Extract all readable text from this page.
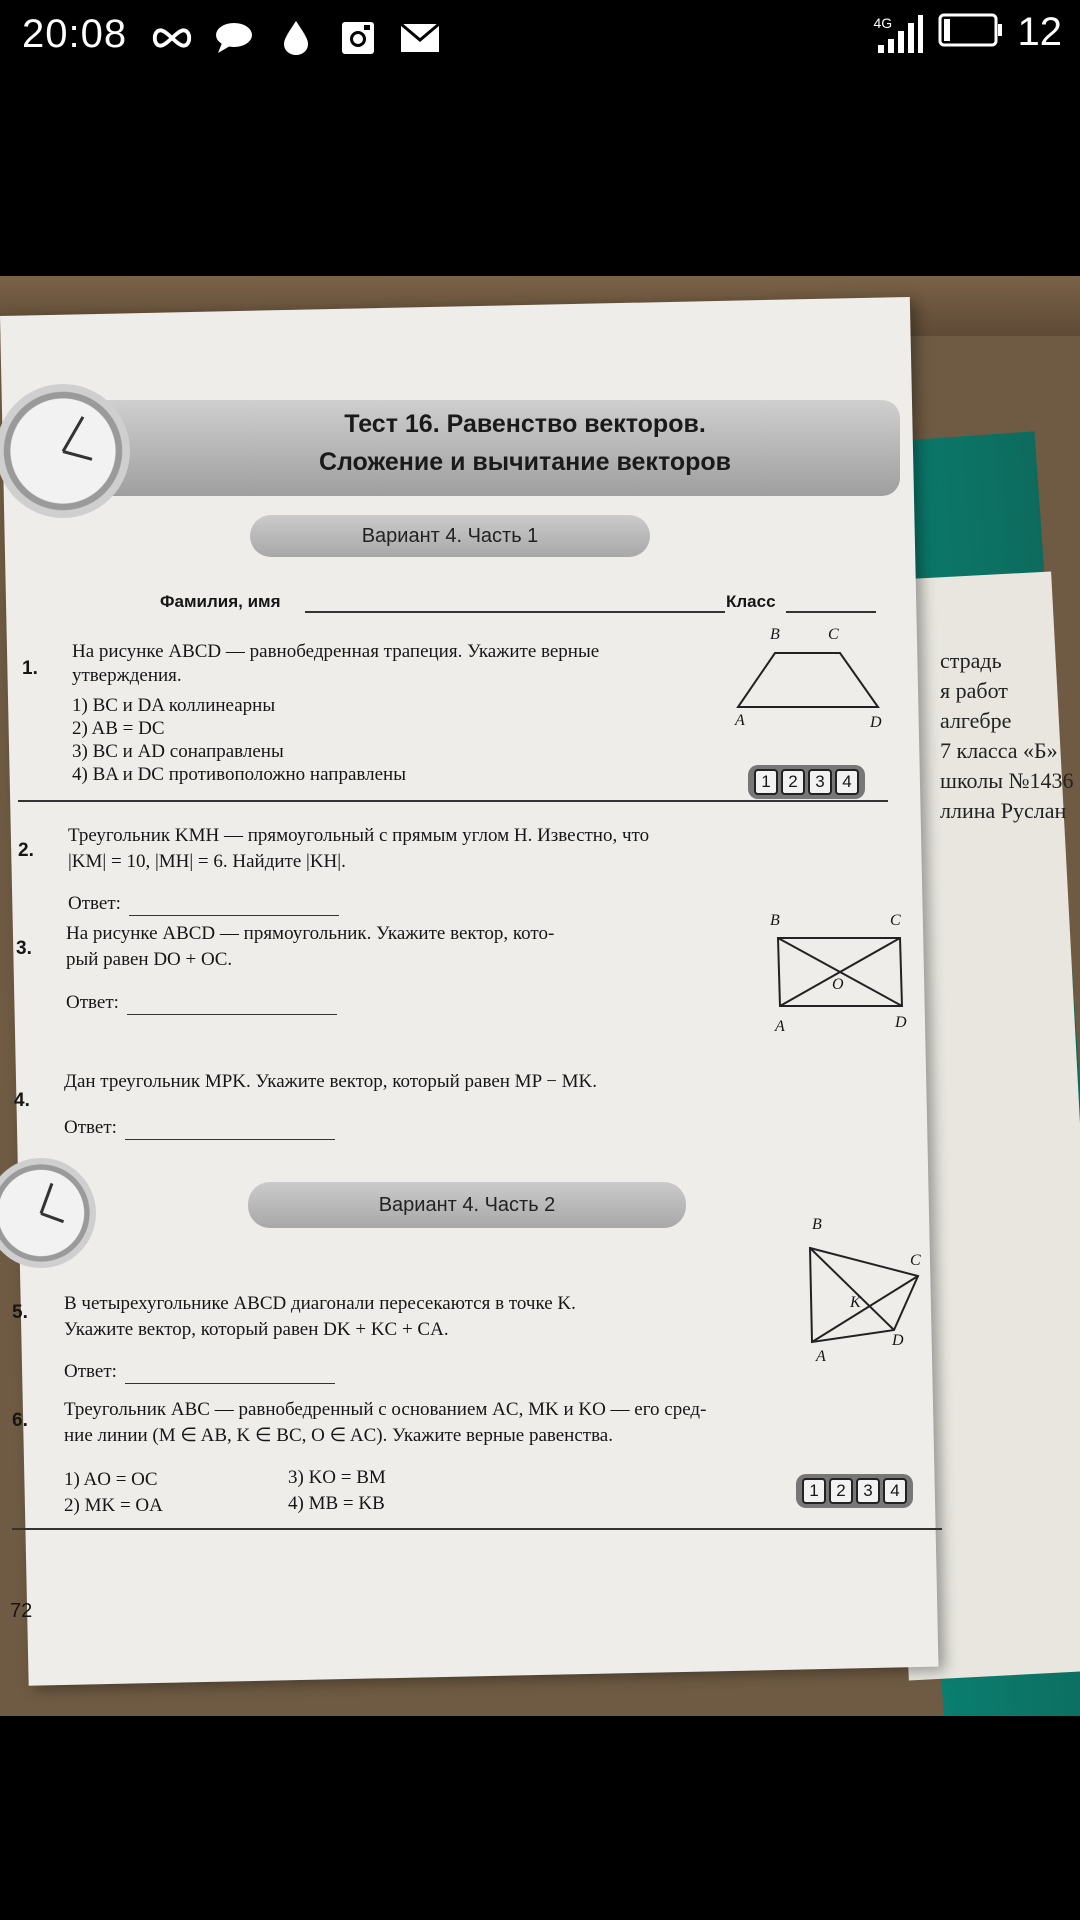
20:08	4G	12
страдь
я работ
алгебре
7 класса «Б»
школы №1436
ллина Руслан
Тест 16. Равенство векторов.
Сложение и вычитание векторов
Вариант 4. Часть 1
Фамилия, имя	Класс
1.
На рисунке ABCD — равнобедренная трапеция. Укажите верные утверждения.
1) BC и DA коллинеарны
2) AB = DC
3) BC и AD сонаправлены
4) BA и DC противоположно направлены	1	2	3	4
B	C
A	D
2.
Треугольник KMH — прямоугольный с прямым углом H. Известно, что
|KM| = 10, |MH| = 6. Найдите |KH|.
Ответ:
3.
На рисунке ABCD — прямоугольник. Укажите вектор, кото-
рый равен DO + OC.
Ответ:
B	C
O
A	D
4.
Дан треугольник MPK. Укажите вектор, который равен MP − MK.
Ответ:
Вариант 4. Часть 2
5. В четырехугольнике ABCD диагонали пересекаются в точке K.
Укажите вектор, который равен DK + KC + CA.
Ответ:
B
C
K
A
D
6.
Треугольник ABC — равнобедренный с основанием AC, MK и KO — его сред-
ние линии (M ∈ AB, K ∈ BC, O ∈ AC). Укажите верные равенства.
1) AO = OC	3) KO = BM
2) MK = OA	4) MB = KB
1	2	3	4
72
